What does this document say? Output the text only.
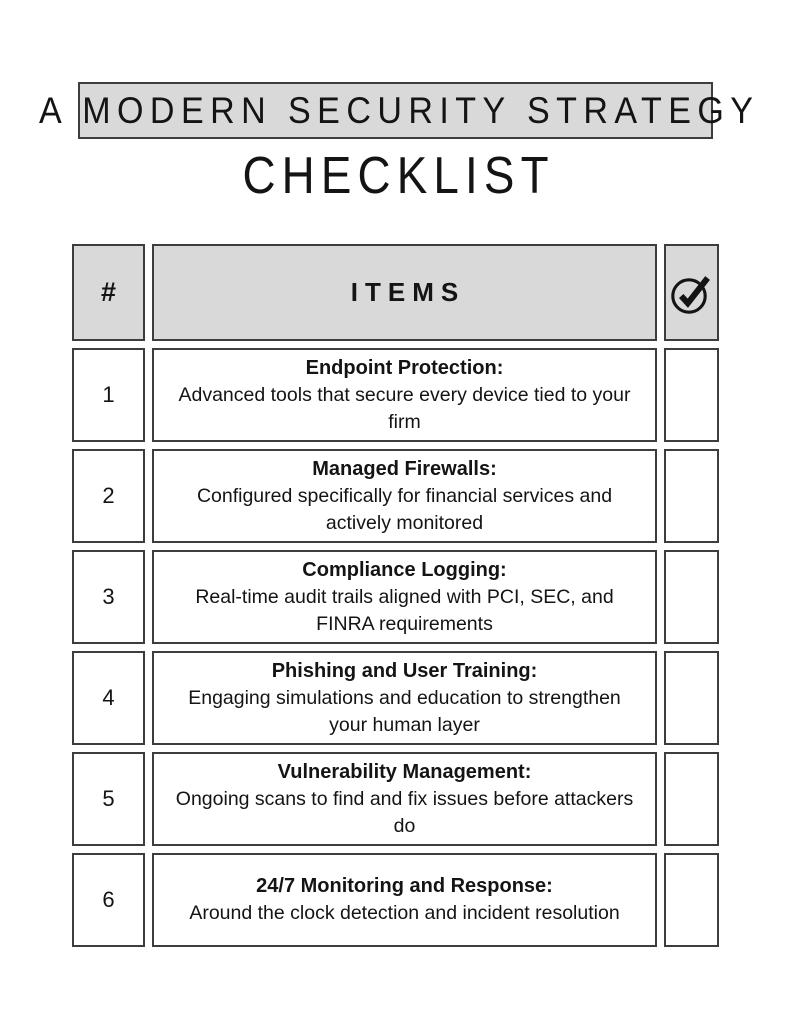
A MODERN SECURITY STRATEGY
CHECKLIST
#	ITEMS
1
Endpoint Protection:
Advanced tools that secure every device tied to your firm
2
Managed Firewalls:
Configured specifically for financial services and actively monitored
3
Compliance Logging:
Real-time audit trails aligned with PCI, SEC, and FINRA requirements
4
Phishing and User Training:
Engaging simulations and education to strengthen your human layer
5
Vulnerability Management:
Ongoing scans to find and fix issues before attackers do
6
24/7 Monitoring and Response:
Around the clock detection and incident resolution
